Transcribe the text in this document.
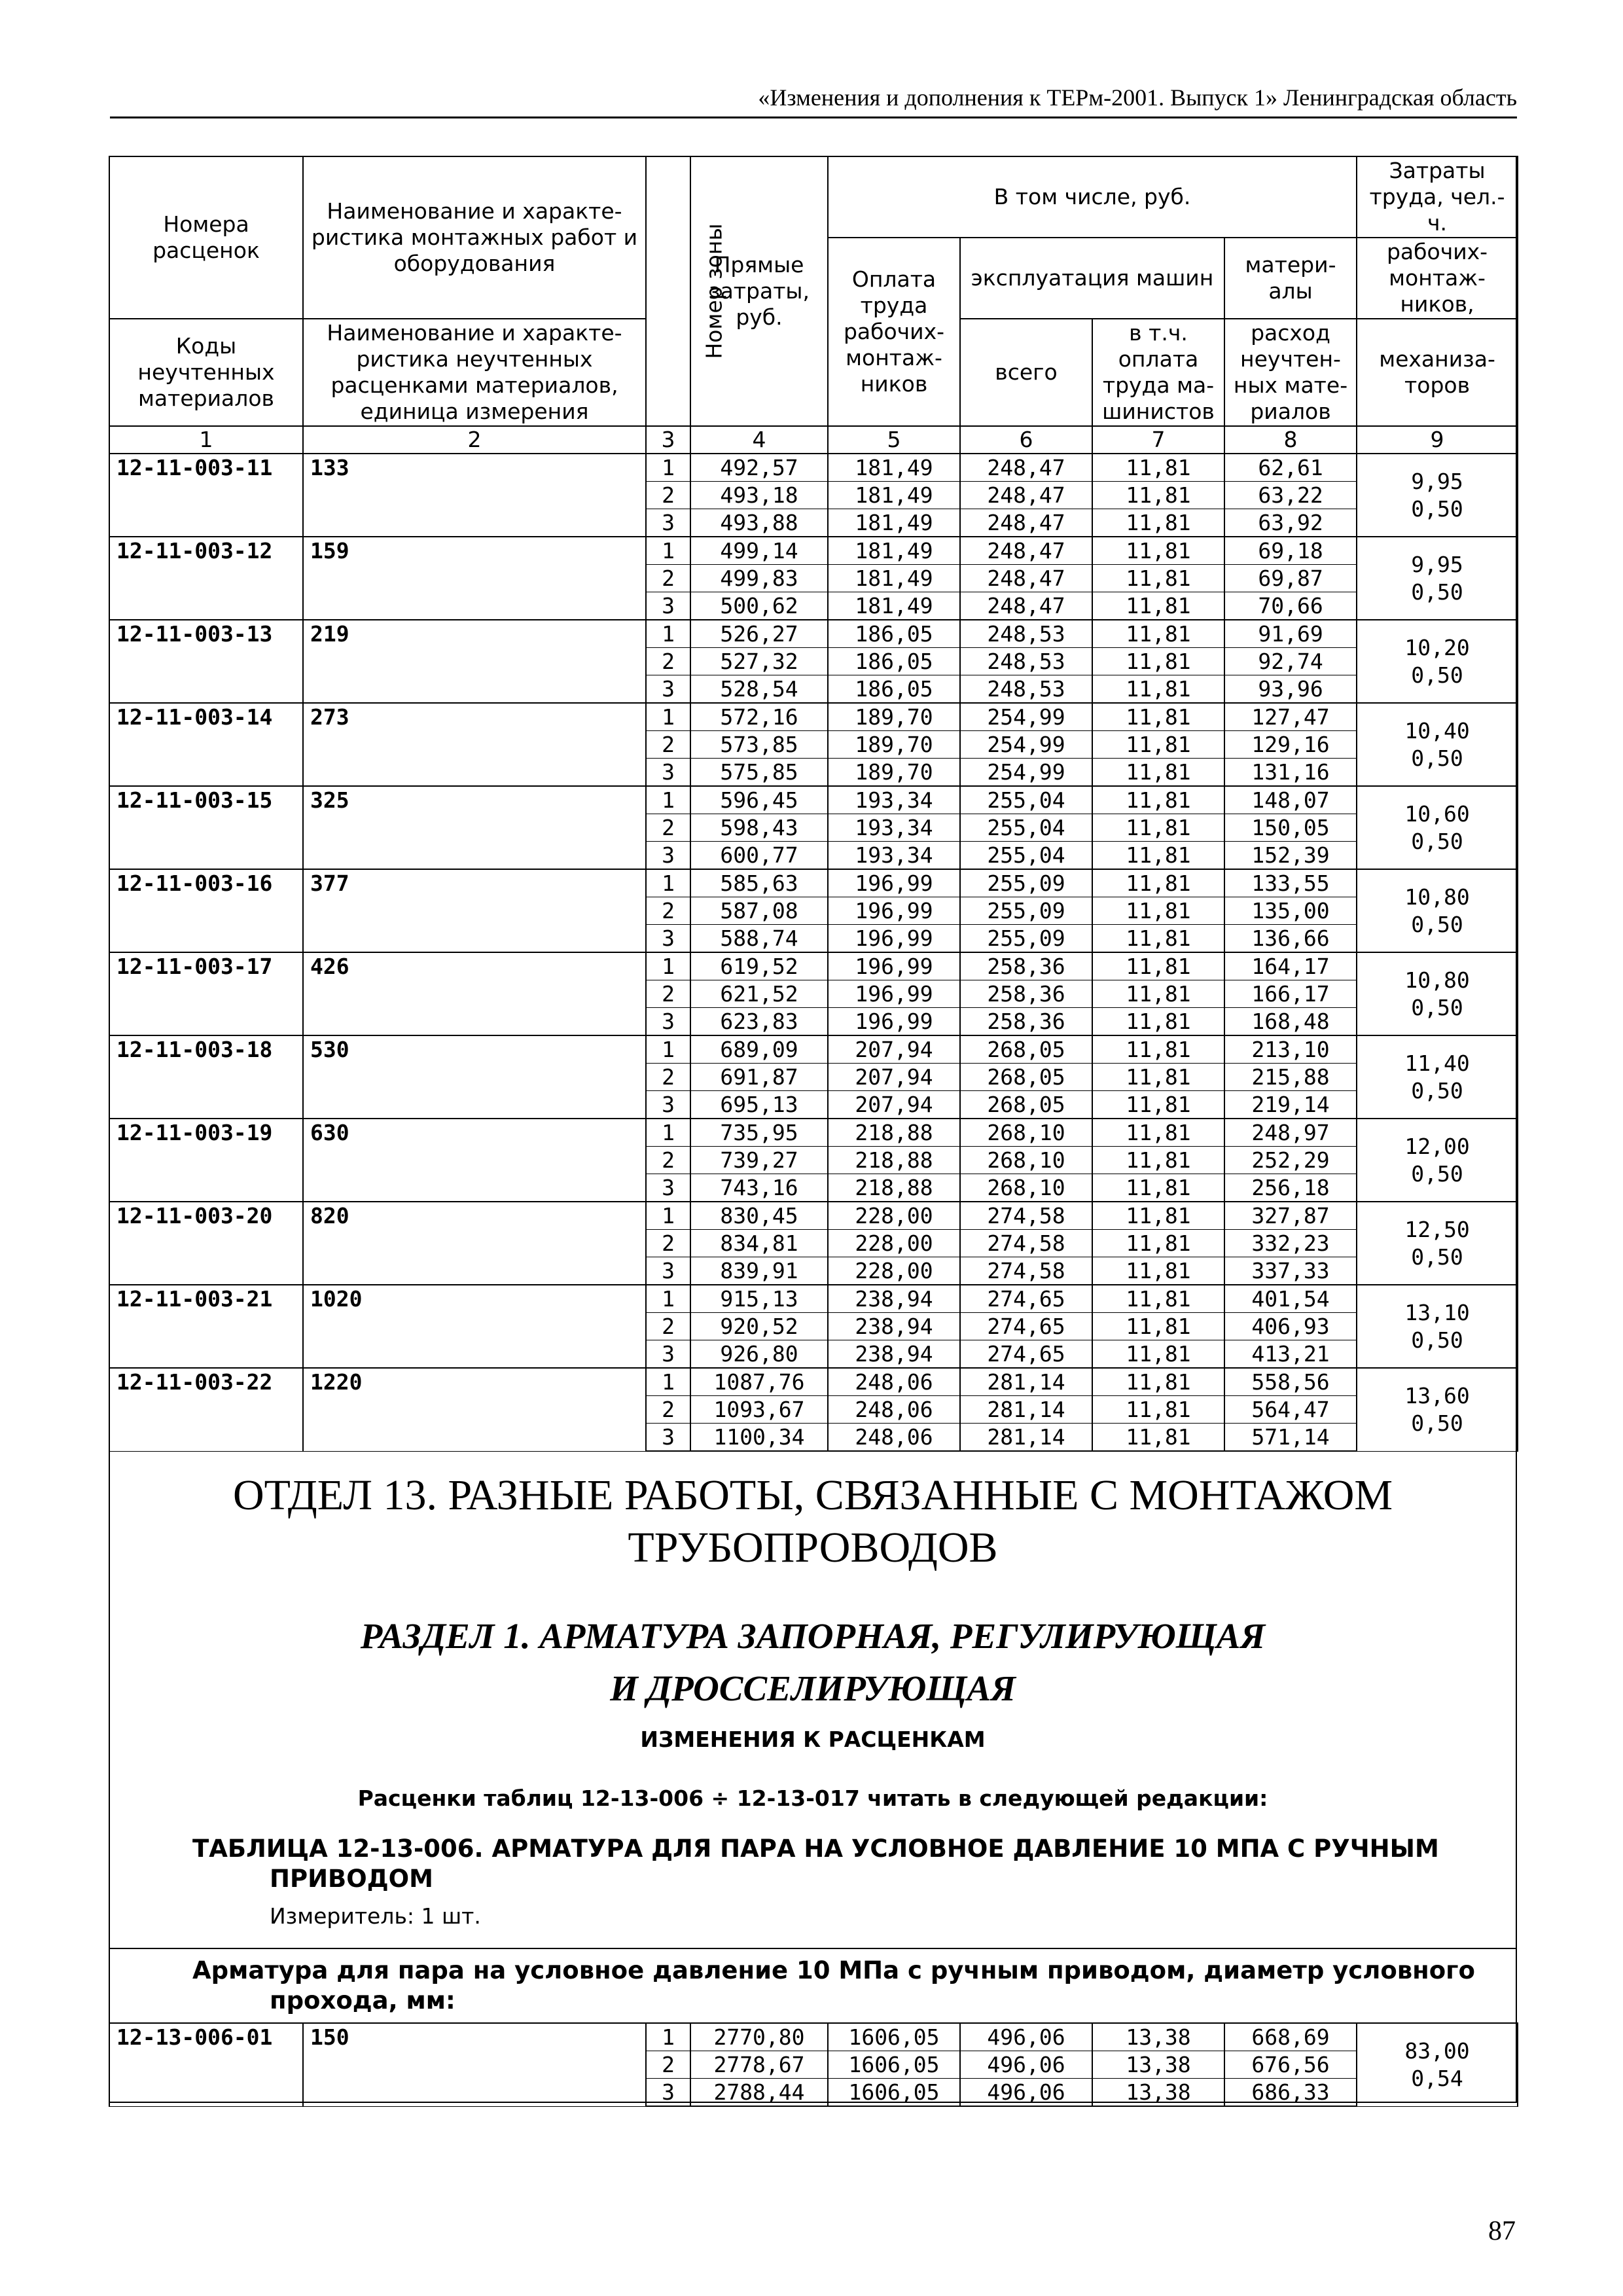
«Изменения и дополнения к ТЕРм-2001. Выпуск 1» Ленинградская область
Номера расценок	Наименование и характе-ристика монтажных работ и оборудования	Номер зоны	Прямые затраты, руб.	В том числе, руб.				Затраты труда, чел.-ч.
				Оплата труда рабочих-монтаж-ников	эксплуатация машин		матери-алы	рабочих-монтаж-ников,
Коды неучтенных материалов	Наименование и характе-ристика неучтенных расценками материалов, единица измерения				всего	в т.ч. оплата труда ма-шинистов	расход неучтен-ных мате-риалов	механиза-торов
1	2	3	4	5	6	7	8	9
12-11-003-11	133	1	492,57	181,49	248,47	11,81	62,61	9,95
0,50

		2	493,18	181,49	248,47	11,81	63,22	
		3	493,88	181,49	248,47	11,81	63,92	
12-11-003-12	159	1	499,14	181,49	248,47	11,81	69,18	9,95
0,50

		2	499,83	181,49	248,47	11,81	69,87	
		3	500,62	181,49	248,47	11,81	70,66	
12-11-003-13	219	1	526,27	186,05	248,53	11,81	91,69	10,20
0,50

		2	527,32	186,05	248,53	11,81	92,74	
		3	528,54	186,05	248,53	11,81	93,96	
12-11-003-14	273	1	572,16	189,70	254,99	11,81	127,47	10,40
0,50

		2	573,85	189,70	254,99	11,81	129,16	
		3	575,85	189,70	254,99	11,81	131,16	
12-11-003-15	325	1	596,45	193,34	255,04	11,81	148,07	10,60
0,50

		2	598,43	193,34	255,04	11,81	150,05	
		3	600,77	193,34	255,04	11,81	152,39	
12-11-003-16	377	1	585,63	196,99	255,09	11,81	133,55	10,80
0,50

		2	587,08	196,99	255,09	11,81	135,00	
		3	588,74	196,99	255,09	11,81	136,66	
12-11-003-17	426	1	619,52	196,99	258,36	11,81	164,17	10,80
0,50

		2	621,52	196,99	258,36	11,81	166,17	
		3	623,83	196,99	258,36	11,81	168,48	
12-11-003-18	530	1	689,09	207,94	268,05	11,81	213,10	11,40
0,50

		2	691,87	207,94	268,05	11,81	215,88	
		3	695,13	207,94	268,05	11,81	219,14	
12-11-003-19	630	1	735,95	218,88	268,10	11,81	248,97	12,00
0,50

		2	739,27	218,88	268,10	11,81	252,29	
		3	743,16	218,88	268,10	11,81	256,18	
12-11-003-20	820	1	830,45	228,00	274,58	11,81	327,87	12,50
0,50

		2	834,81	228,00	274,58	11,81	332,23	
		3	839,91	228,00	274,58	11,81	337,33	
12-11-003-21	1020	1	915,13	238,94	274,65	11,81	401,54	13,10
0,50

		2	920,52	238,94	274,65	11,81	406,93	
		3	926,80	238,94	274,65	11,81	413,21	
12-11-003-22	1220	1	1087,76	248,06	281,14	11,81	558,56	13,60
0,50

		2	1093,67	248,06	281,14	11,81	564,47	
		3	1100,34	248,06	281,14	11,81	571,14	
ОТДЕЛ 13. РАЗНЫЕ РАБОТЫ, СВЯЗАННЫЕ С МОНТАЖОМ
ТРУБОПРОВОДОВ
РАЗДЕЛ 1. АРМАТУРА ЗАПОРНАЯ, РЕГУЛИРУЮЩАЯ
И ДРОССЕЛИРУЮЩАЯ
ИЗМЕНЕНИЯ К РАСЦЕНКАМ
Расценки таблиц 12-13-006 ÷ 12-13-017 читать в следующей редакции:
ТАБЛИЦА 12-13-006. АРМАТУРА ДЛЯ ПАРА НА УСЛОВНОЕ ДАВЛЕНИЕ 10 МПА С РУЧНЫМ ПРИВОДОМ
Измеритель: 1 шт.
Арматура для пара на условное давление 10 МПа с ручным приводом, диаметр условного прохода, мм:
12-13-006-01	150	1	2770,80	1606,05	496,06	13,38	668,69	83,00
0,54

		2	2778,67	1606,05	496,06	13,38	676,56	
		3	2788,44	1606,05	496,06	13,38	686,33	
87
